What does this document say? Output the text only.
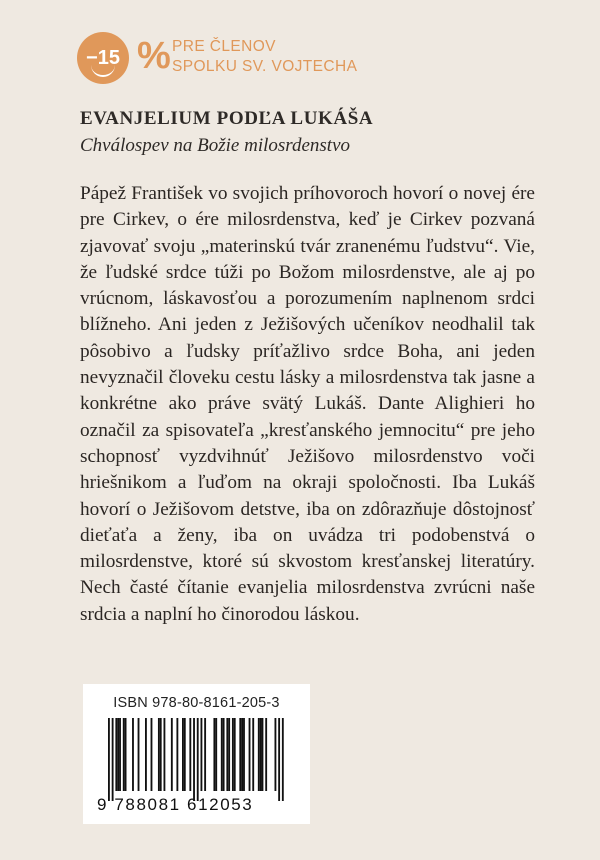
−15 % PRE ČLENOV
SPOLKU SV. VOJTECHA
EVANJELIUM PODĽA LUKÁŠA
Chválospev na Božie milosrdenstvo

Pápež František vo svojich príhovoroch hovorí o novej ére pre Cirkev, o ére milosrdenstva, keď je Cirkev pozvaná zjavovať svoju „materinskú tvár zranenému ľudstvu“. Vie, že ľudské srdce túži po Božom milosrdenstve, ale aj po vrúcnom, láskavosťou a porozumením naplnenom srdci blížneho. Ani jeden z Ježišových učeníkov neodhalil tak pôsobivo a ľudsky príťažlivo srdce Boha, ani jeden nevyznačil človeku cestu lásky a milosrdenstva tak jasne a konkrétne ako práve svätý Lukáš. Dante Alighieri ho označil za spisovateľa „kresťanského jemnocitu“ pre jeho schopnosť vyzdvihnúť Ježišovo milosrdenstvo voči hriešnikom a ľuďom na okraji spoločnosti. Iba Lukáš hovorí o Ježišovom detstve, iba on zdôrazňuje dôstojnosť dieťaťa a ženy, iba on uvádza tri podobenstvá o milosrdenstve, ktoré sú skvostom kresťanskej literatúry. Nech časté čítanie evanjelia milosrdenstva zvrúcni naše srdcia a naplní ho činorodou láskou.

ISBN 978-80-8161-205-3
9 788081 612053
